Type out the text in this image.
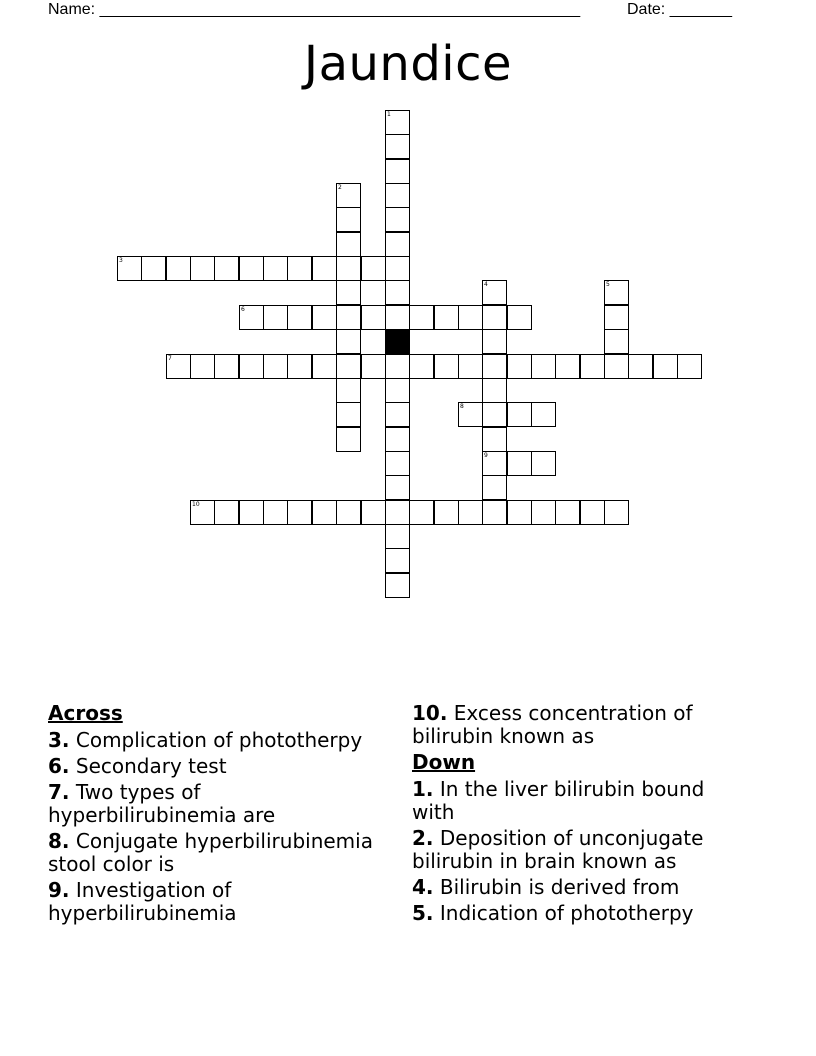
Name: ______________________________________________________	Date: _______
Jaundice
1
2
3
4
9
5
6
7
8
10
Across
3. Complication of phototherpy
6. Secondary test
7. Two types of hyperbilirubinemia are
8. Conjugate hyperbilirubinemia stool color is
9. Investigation of hyperbilirubinemia
10. Excess concentration of bilirubin known as
Down
1. In the liver bilirubin bound with
2. Deposition of unconjugate bilirubin in brain known as
4. Bilirubin is derived from
5. Indication of phototherpy
